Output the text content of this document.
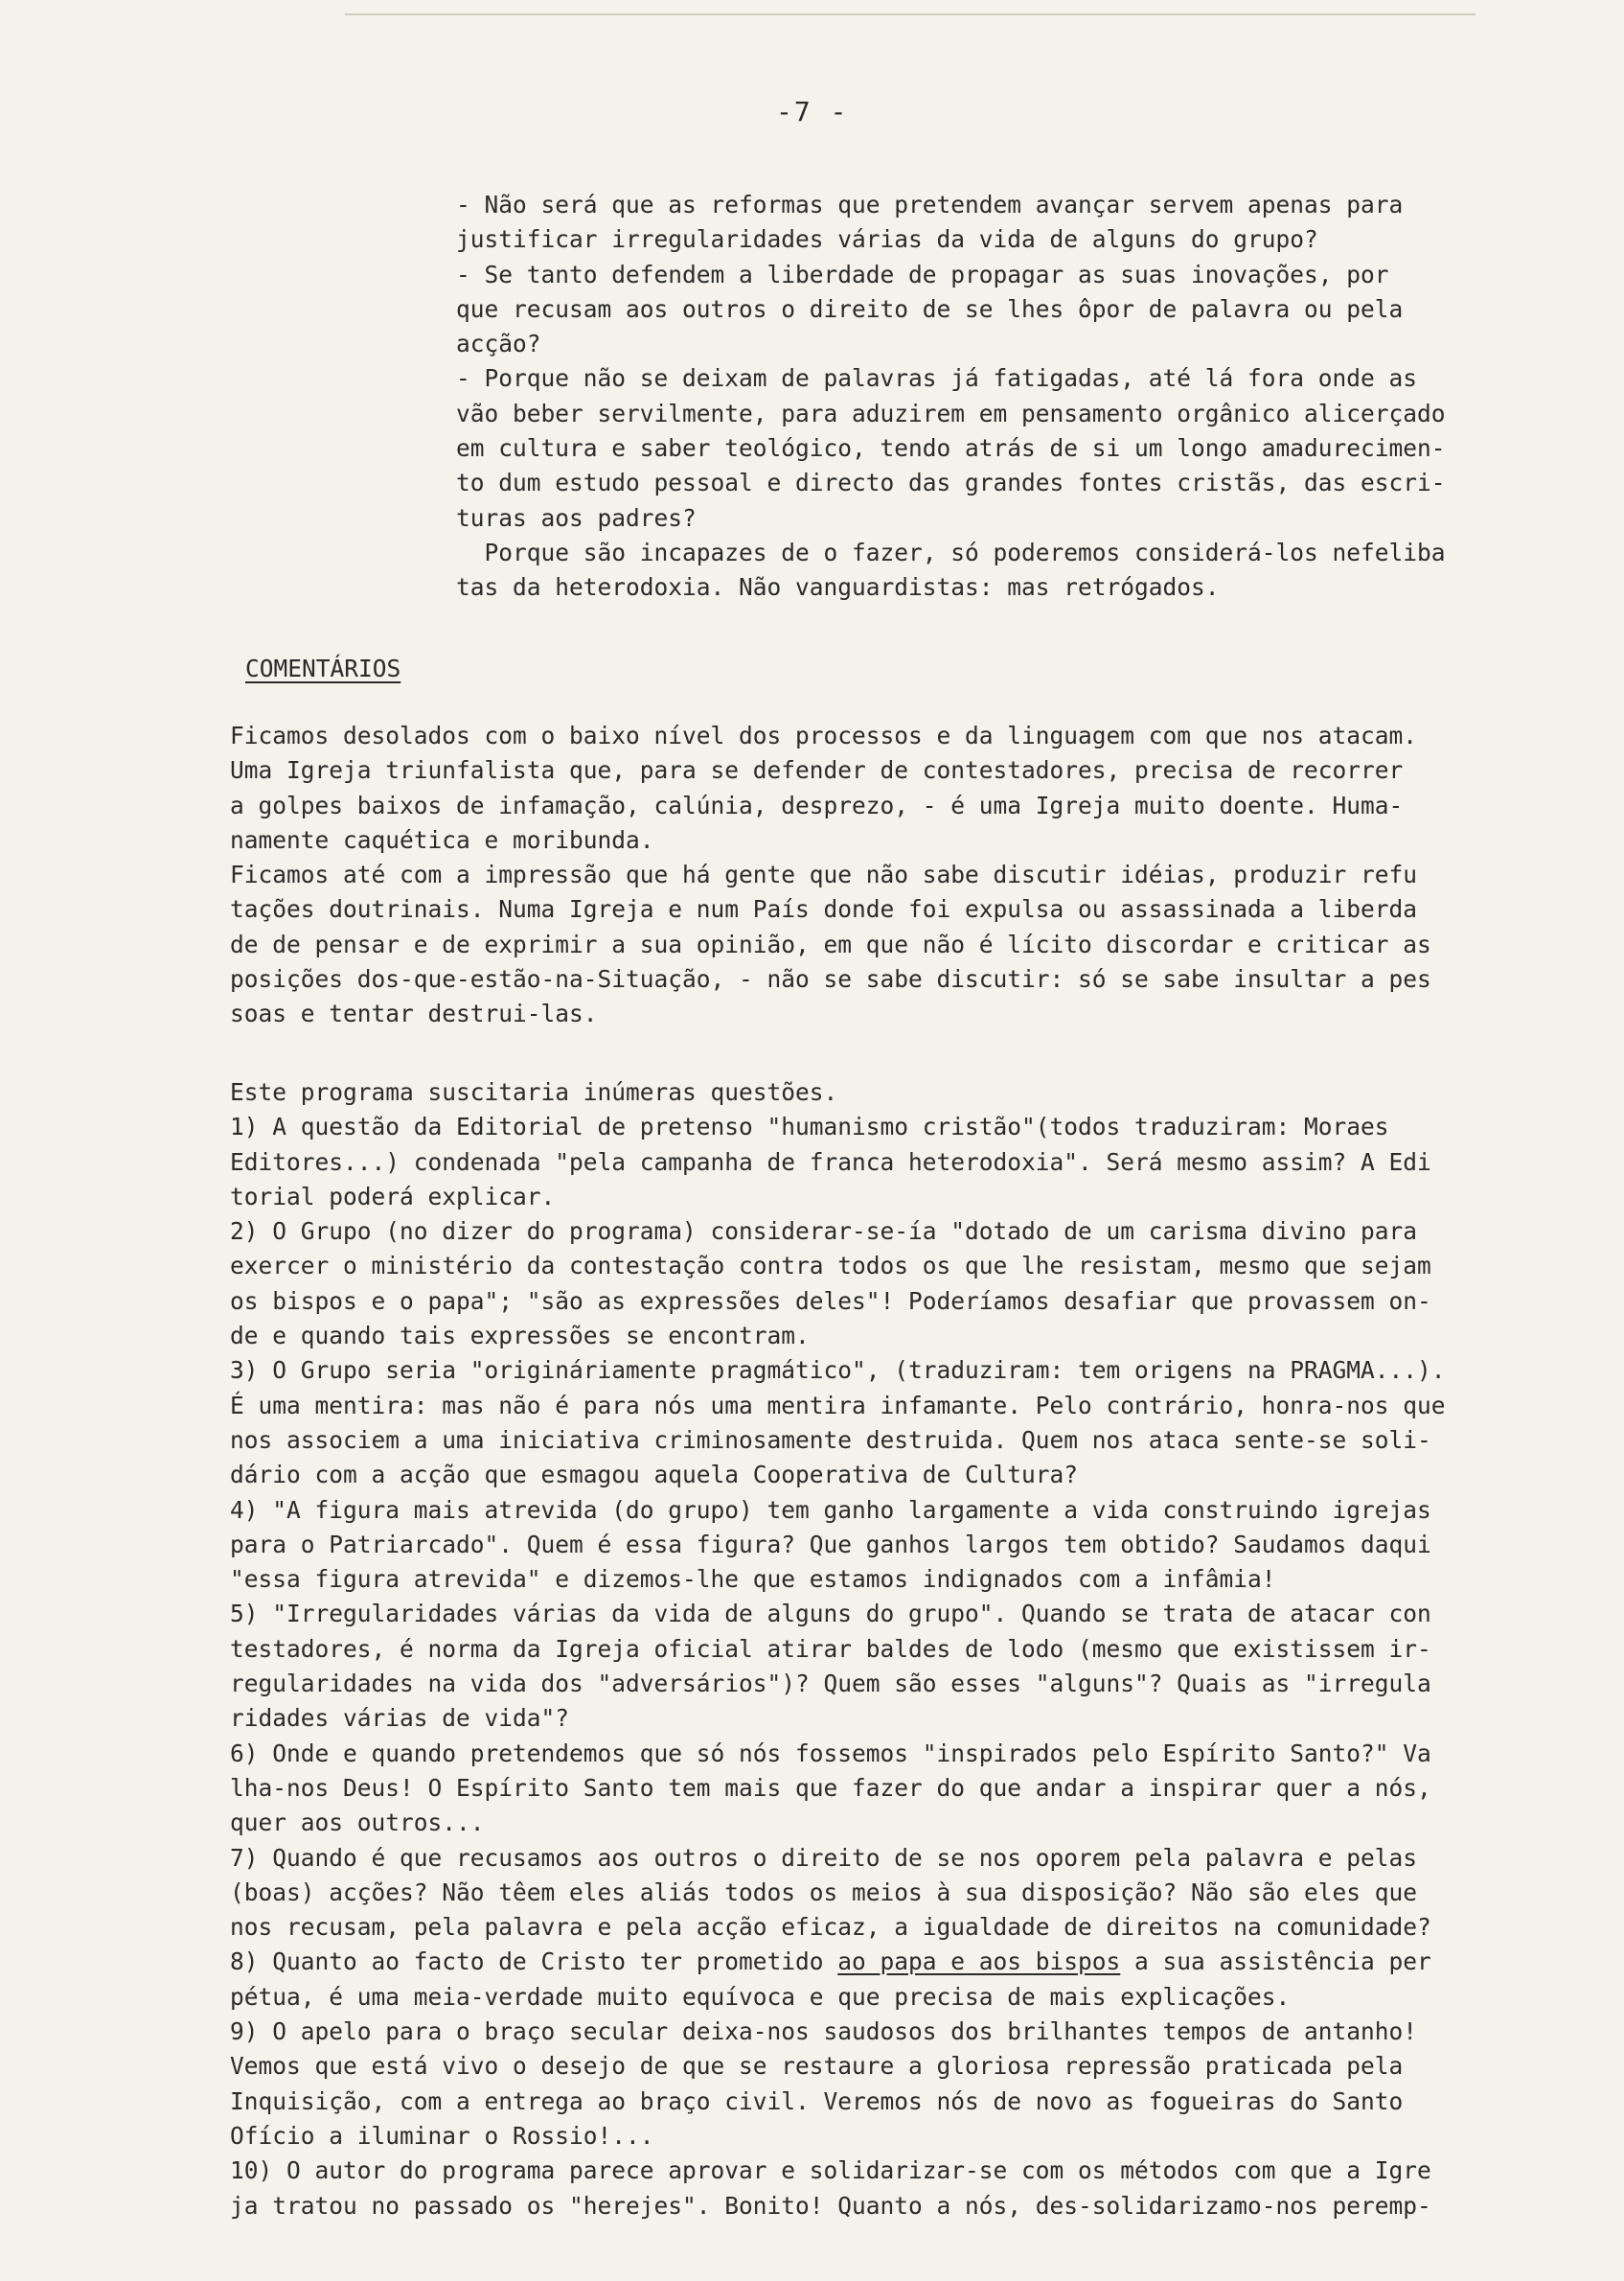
-7 -
- Não será que as reformas que pretendem avançar servem apenas para
justificar irregularidades várias da vida de alguns do grupo?
- Se tanto defendem a liberdade de propagar as suas inovações, por
que recusam aos outros o direito de se lhes ôpor de palavra ou pela
acção?
- Porque não se deixam de palavras já fatigadas, até lá fora onde as
vão beber servilmente, para aduzirem em pensamento orgânico alicerçado
em cultura e saber teológico, tendo atrás de si um longo amadurecimen-
to dum estudo pessoal e directo das grandes fontes cristãs, das escri-
turas aos padres?
Porque são incapazes de o fazer, só poderemos considerá-los nefeliba
tas da heterodoxia. Não vanguardistas: mas retrógados.
COMENTÁRIOS
Ficamos desolados com o baixo nível dos processos e da linguagem com que nos atacam.
Uma Igreja triunfalista que, para se defender de contestadores, precisa de recorrer
a golpes baixos de infamação, calúnia, desprezo, - é uma Igreja muito doente. Huma-
namente caquética e moribunda.
Ficamos até com a impressão que há gente que não sabe discutir idéias, produzir refu
tações doutrinais. Numa Igreja e num País donde foi expulsa ou assassinada a liberda
de de pensar e de exprimir a sua opinião, em que não é lícito discordar e criticar as
posições dos-que-estão-na-Situação, - não se sabe discutir: só se sabe insultar a pes
soas e tentar destrui-las.
Este programa suscitaria inúmeras questões.
1) A questão da Editorial de pretenso "humanismo cristão"(todos traduziram: Moraes
Editores...) condenada "pela campanha de franca heterodoxia". Será mesmo assim? A Edi
torial poderá explicar.
2) O Grupo (no dizer do programa) considerar-se-ía "dotado de um carisma divino para
exercer o ministério da contestação contra todos os que lhe resistam, mesmo que sejam
os bispos e o papa"; "são as expressões deles"! Poderíamos desafiar que provassem on-
de e quando tais expressões se encontram.
3) O Grupo seria "origináriamente pragmático", (traduziram: tem origens na PRAGMA...).
É uma mentira: mas não é para nós uma mentira infamante. Pelo contrário, honra-nos que
nos associem a uma iniciativa criminosamente destruida. Quem nos ataca sente-se soli-
dário com a acção que esmagou aquela Cooperativa de Cultura?
4) "A figura mais atrevida (do grupo) tem ganho largamente a vida construindo igrejas
para o Patriarcado". Quem é essa figura? Que ganhos largos tem obtido? Saudamos daqui
"essa figura atrevida" e dizemos-lhe que estamos indignados com a infâmia!
5) "Irregularidades várias da vida de alguns do grupo". Quando se trata de atacar con
testadores, é norma da Igreja oficial atirar baldes de lodo (mesmo que existissem ir-
regularidades na vida dos "adversários")? Quem são esses "alguns"? Quais as "irregula
ridades várias de vida"?
6) Onde e quando pretendemos que só nós fossemos "inspirados pelo Espírito Santo?" Va
lha-nos Deus! O Espírito Santo tem mais que fazer do que andar a inspirar quer a nós,
quer aos outros...
7) Quando é que recusamos aos outros o direito de se nos oporem pela palavra e pelas
(boas) acções? Não têem eles aliás todos os meios à sua disposição? Não são eles que
nos recusam, pela palavra e pela acção eficaz, a igualdade de direitos na comunidade?
8) Quanto ao facto de Cristo ter prometido ao papa e aos bispos a sua assistência per
pétua, é uma meia-verdade muito equívoca e que precisa de mais explicações.
9) O apelo para o braço secular deixa-nos saudosos dos brilhantes tempos de antanho!
Vemos que está vivo o desejo de que se restaure a gloriosa repressão praticada pela
Inquisição, com a entrega ao braço civil. Veremos nós de novo as fogueiras do Santo
Ofício a iluminar o Rossio!...
10) O autor do programa parece aprovar e solidarizar-se com os métodos com que a Igre
ja tratou no passado os "herejes". Bonito! Quanto a nós, des-solidarizamo-nos peremp-
